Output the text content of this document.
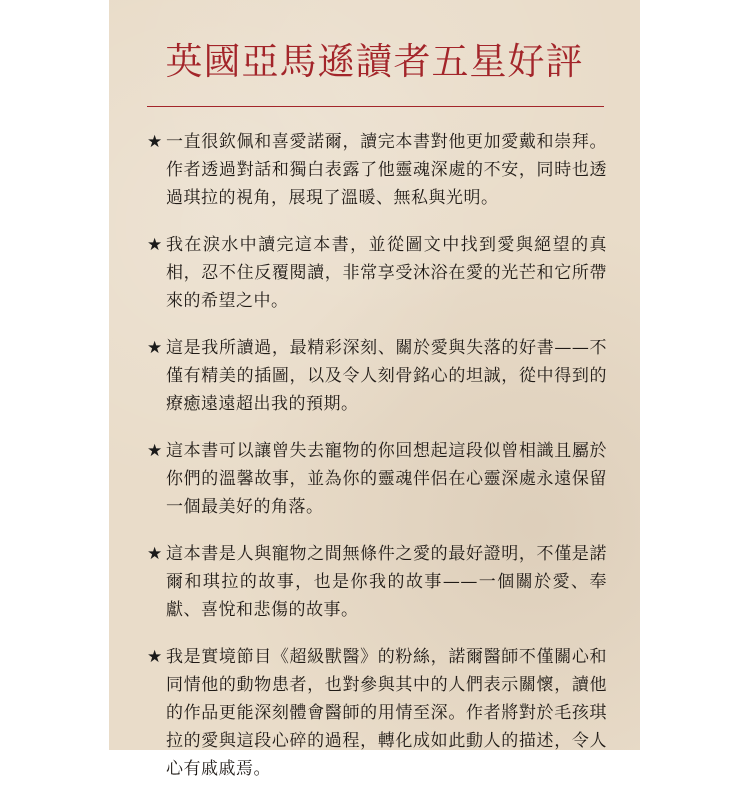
英國亞馬遜讀者五星好評
★ 一直很欽佩和喜愛諾爾，讀完本書對他更加愛戴和崇拜。作者透過對話和獨白表露了他靈魂深處的不安，同時也透過琪拉的視角，展現了溫暖、無私與光明。
★ 我在淚水中讀完這本書，並從圖文中找到愛與絕望的真相，忍不住反覆閱讀，非常享受沐浴在愛的光芒和它所帶來的希望之中。
★ 這是我所讀過，最精彩深刻、關於愛與失落的好書——不僅有精美的插圖，以及令人刻骨銘心的坦誠，從中得到的療癒遠遠超出我的預期。
★ 這本書可以讓曾失去寵物的你回想起這段似曾相識且屬於你們的溫馨故事，並為你的靈魂伴侶在心靈深處永遠保留一個最美好的角落。
★ 這本書是人與寵物之間無條件之愛的最好證明，不僅是諾爾和琪拉的故事，也是你我的故事——一個關於愛、奉獻、喜悅和悲傷的故事。
★ 我是實境節目《超級獸醫》的粉絲，諾爾醫師不僅關心和同情他的動物患者，也對參與其中的人們表示關懷，讀他的作品更能深刻體會醫師的用情至深。作者將對於毛孩琪拉的愛與這段心碎的過程，轉化成如此動人的描述，令人心有戚戚焉。
